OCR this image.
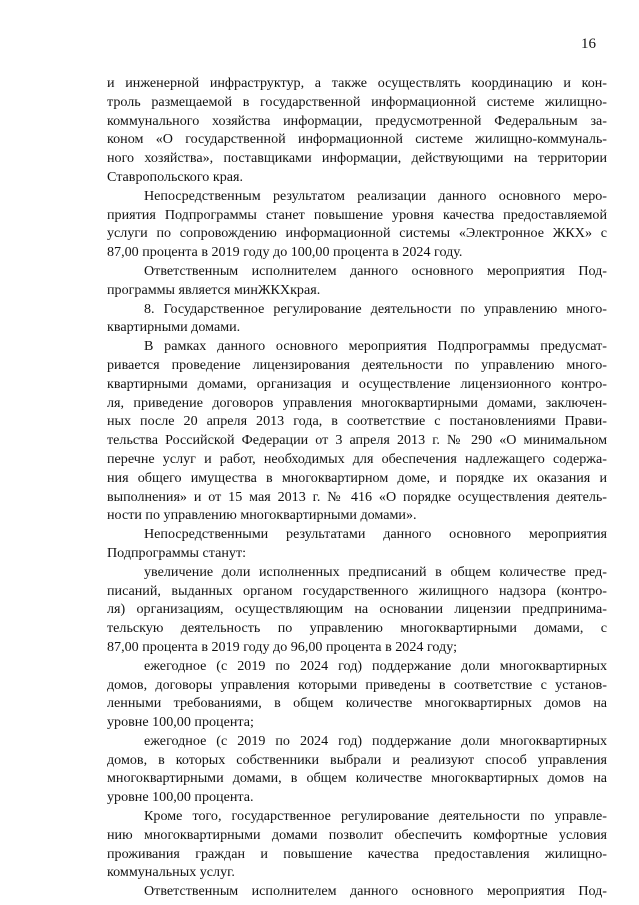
16
и инженерной инфраструктур, а также осуществлять координацию и кон-
троль размещаемой в государственной информационной системе жилищно-
коммунального хозяйства информации, предусмотренной Федеральным за-
коном «О государственной информационной системе жилищно-коммуналь-
ного хозяйства», поставщиками информации, действующими на территории
Ставропольского края.
Непосредственным результатом реализации данного основного меро-
приятия Подпрограммы станет повышение уровня качества предоставляемой
услуги по сопровождению информационной системы «Электронное ЖКХ» с
87,00 процента в 2019 году до 100,00 процента в 2024 году.
Ответственным исполнителем данного основного мероприятия Под-
программы является минЖКХкрая.
8. Государственное регулирование деятельности по управлению много-
квартирными домами.
В рамках данного основного мероприятия Подпрограммы предусмат-
ривается проведение лицензирования деятельности по управлению много-
квартирными домами, организация и осуществление лицензионного контро-
ля, приведение договоров управления многоквартирными домами, заключен-
ных после 20 апреля 2013 года, в соответствие с постановлениями Прави-
тельства Российской Федерации от 3 апреля 2013 г. № 290 «О минимальном
перечне услуг и работ, необходимых для обеспечения надлежащего содержа-
ния общего имущества в многоквартирном доме, и порядке их оказания и
выполнения» и от 15 мая 2013 г. № 416 «О порядке осуществления деятель-
ности по управлению многоквартирными домами».
Непосредственными результатами данного основного мероприятия
Подпрограммы станут:
увеличение доли исполненных предписаний в общем количестве пред-
писаний, выданных органом государственного жилищного надзора (контро-
ля) организациям, осуществляющим на основании лицензии предпринима-
тельскую деятельность по управлению многоквартирными домами, с
87,00 процента в 2019 году до 96,00 процента в 2024 году;
ежегодное (с 2019 по 2024 год) поддержание доли многоквартирных
домов, договоры управления которыми приведены в соответствие с установ-
ленными требованиями, в общем количестве многоквартирных домов на
уровне 100,00 процента;
ежегодное (с 2019 по 2024 год) поддержание доли многоквартирных
домов, в которых собственники выбрали и реализуют способ управления
многоквартирными домами, в общем количестве многоквартирных домов на
уровне 100,00 процента.
Кроме того, государственное регулирование деятельности по управле-
нию многоквартирными домами позволит обеспечить комфортные условия
проживания граждан и повышение качества предоставления жилищно-
коммунальных услуг.
Ответственным исполнителем данного основного мероприятия Под-
